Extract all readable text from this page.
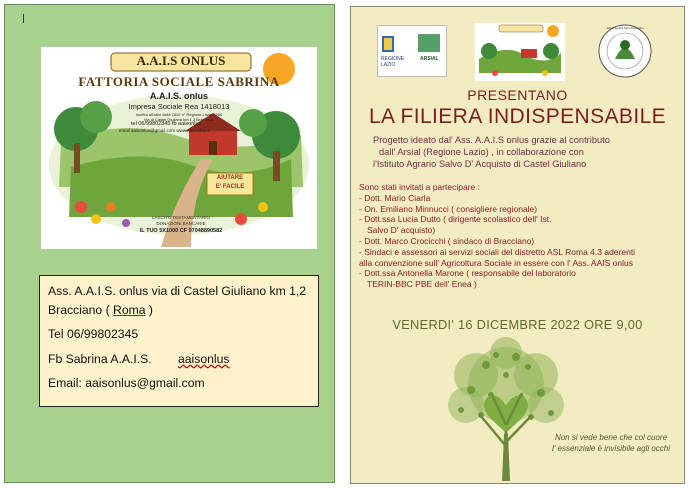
A.A.I.S ONLUS
FATTORIA SOCIALE SABRINA
A.A.I.S. onlus
Impresa Sociale Rea 1418013
Iscritta all'albo delle ODV n° Regione Lazio 1266
Via di Castel Giuliano km 1,2 Bracciano
tel 06/99802345 fb aaisonlus
email aaisonlus@gmail.com www.aaisonlus.it
AIUTARE
E' FACILE
LASCITO TESTAMENTARIO
DONAZIONI BANCARIE
IL TUO 5X1000 CF 97048890582
Ass. A.A.I.S. onlus via di Castel Giuliano km 1,2
Bracciano ( Roma )
Tel 06/99802345
Fb Sabrina A.A.I.S. aaisonlus
Email: aaisonlus@gmail.com
REGIONE LAZIO
ARSIAL
Istituto Agrario Salvo D'Acquisto
PRESENTANO
LA FILIERA INDISPENSABILE
Progetto ideato dal' Ass. A.A.I.S onlus grazie al contributo
dall' Arsial (Regione Lazio) , in collaborazione con
l'Istituto Agrario Salvo D' Acquisto di Castel Giuliano
Sono stati invitati a partecipare :
- Dott. Mario Ciarla
- On. Emiliano Minnucci ( consigliere regionale)
- Dott.ssa Lucia Dutto ( dirigente scolastico dell' Ist.
Salvo D' acquisto)
- Dott. Marco Crocicchi ( sindaco di Bracciano)
- Sindaci e assessori ai servizi sociali del distretto ASL Roma 4.3 aderenti
alla convenzione sull' Agricoltura Sociale in essere con l' Ass. AAIS onlus
- Dott.ssa Antonella Marone ( responsabile del laboratorio
TERIN-BBC PBE dell' Enea )
VENERDI' 16 DICEMBRE 2022 ORE 9,00
Non si vede bene che col cuore
l' essenziale è invisibile agli occhi
